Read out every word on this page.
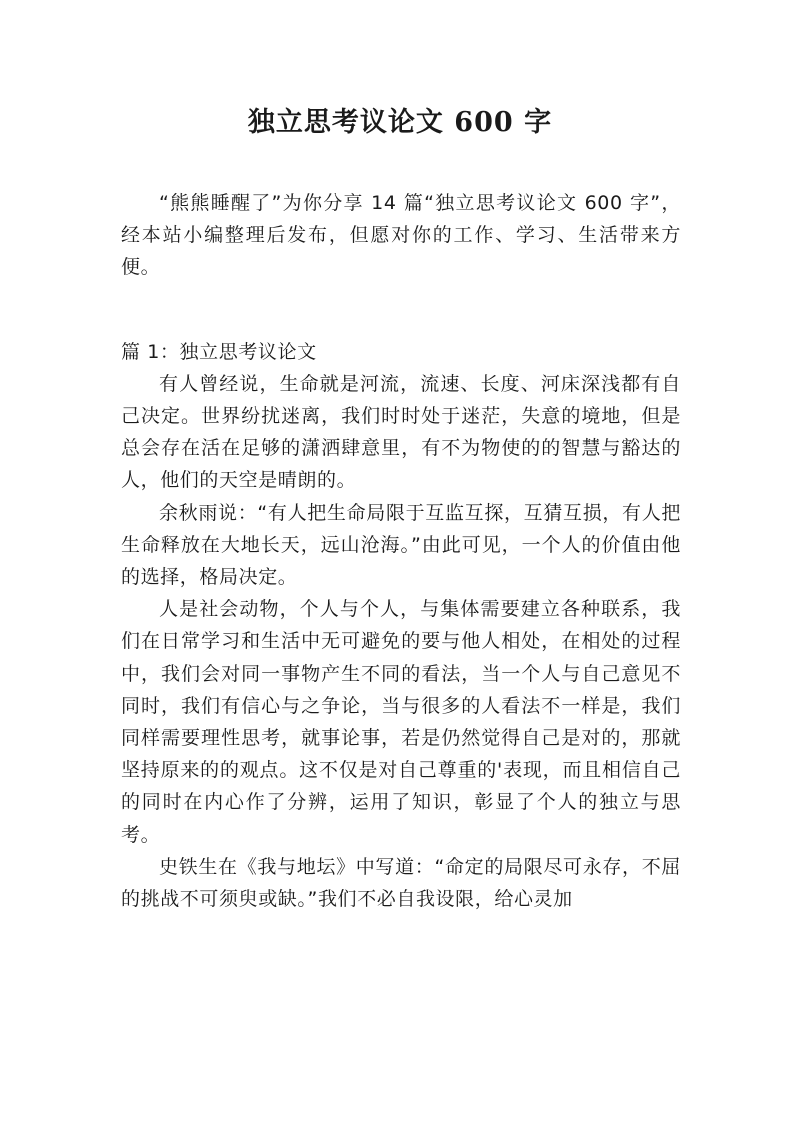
独立思考议论文 600 字

“熊熊睡醒了”为你分享 14 篇“独立思考议论文 600 字”，经本站小编整理后发布，但愿对你的工作、学习、生活带来方便。

篇 1：独立思考议论文

有人曾经说，生命就是河流，流速、长度、河床深浅都有自己决定。世界纷扰迷离，我们时时处于迷茫，失意的境地，但是总会存在活在足够的潇洒肆意里，有不为物使的的智慧与豁达的人，他们的天空是晴朗的。

余秋雨说：“有人把生命局限于互监互探，互猜互损，有人把生命释放在大地长天，远山沧海。”由此可见，一个人的价值由他的选择，格局决定。

人是社会动物，个人与个人，与集体需要建立各种联系，我们在日常学习和生活中无可避免的要与他人相处，在相处的过程中，我们会对同一事物产生不同的看法，当一个人与自己意见不同时，我们有信心与之争论，当与很多的人看法不一样是，我们同样需要理性思考，就事论事，若是仍然觉得自己是对的，那就坚持原来的的观点。这不仅是对自己尊重的'表现，而且相信自己的同时在内心作了分辨，运用了知识，彰显了个人的独立与思考。

史铁生在《我与地坛》中写道：“命定的局限尽可永存，不屈的挑战不可须臾或缺。”我们不必自我设限，给心灵加
